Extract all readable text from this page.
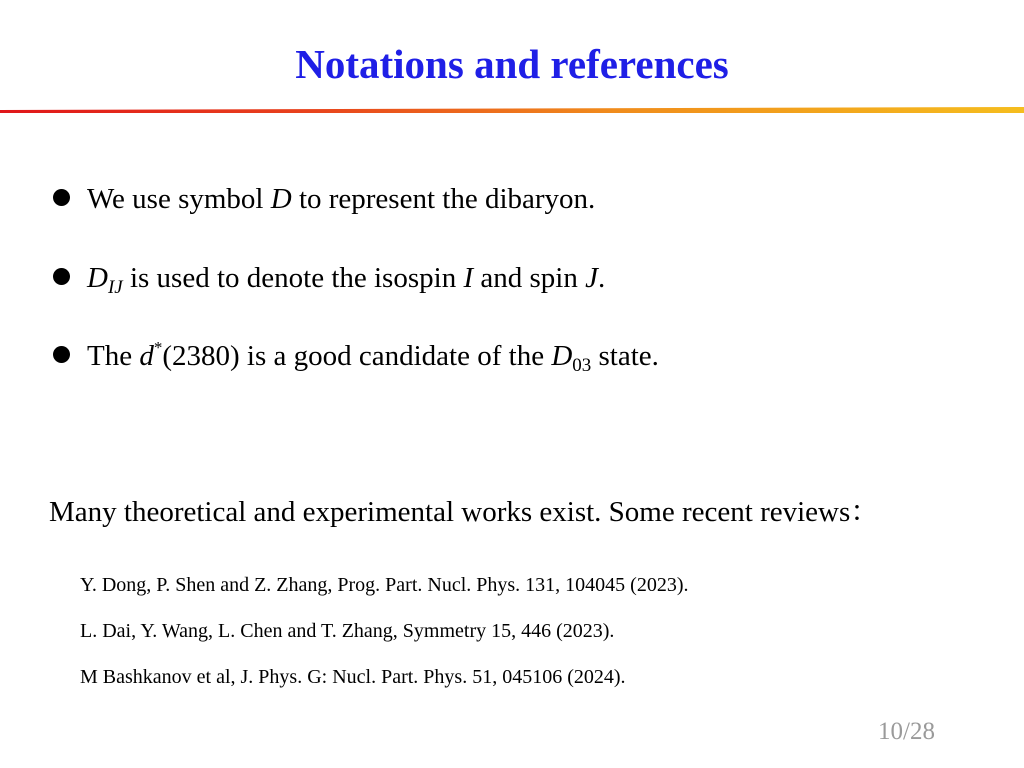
Notations and references
We use symbol D to represent the dibaryon.
$D_{IJ}$ is used to denote the isospin I and spin J.
The d*(2380) is a good candidate of the $D_{03}$ state.
Many theoretical and experimental works exist. Some recent reviews：
Y. Dong, P. Shen and Z. Zhang, Prog. Part. Nucl. Phys. 131, 104045 (2023).
L. Dai, Y. Wang, L. Chen and T. Zhang, Symmetry 15, 446 (2023).
M Bashkanov et al, J. Phys. G: Nucl. Part. Phys. 51, 045106 (2024).
10/28
